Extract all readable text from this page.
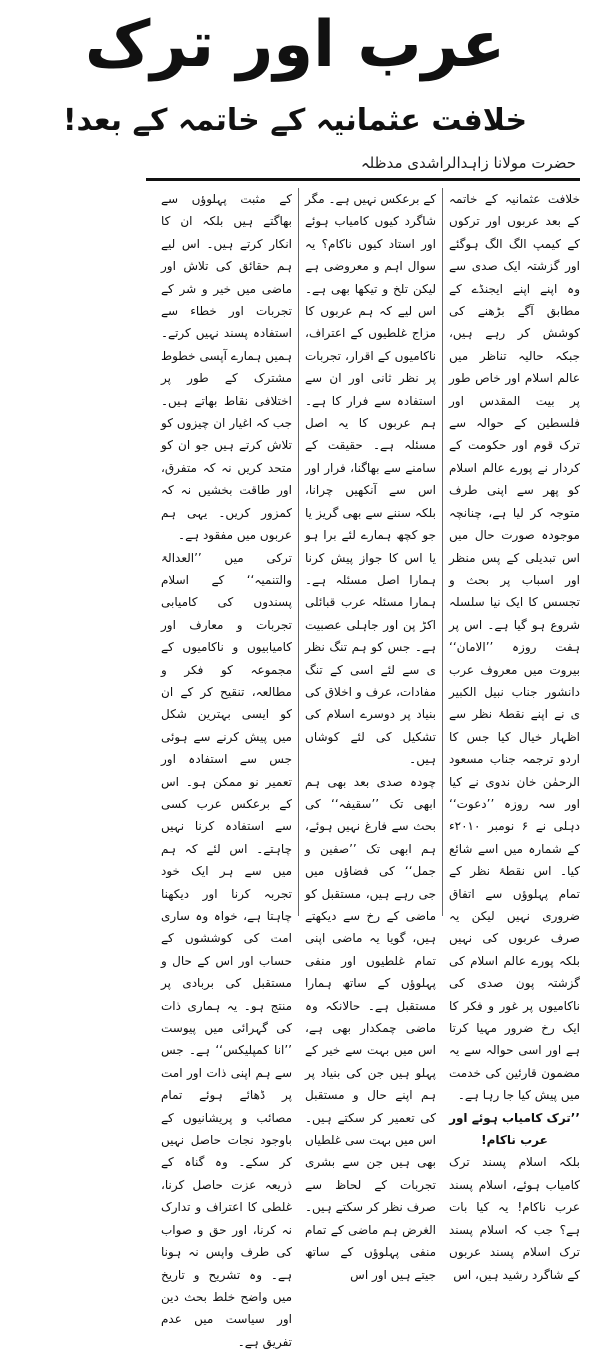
عرب اور ترک
خلافت عثمانیہ کے خاتمہ کے بعد!
حضرت مولانا زاہدالراشدی مدظلہ

خلافت عثمانیہ کے خاتمہ کے بعد عربوں اور ترکوں کے کیمپ الگ الگ ہوگئے اور گزشتہ ایک صدی سے وہ اپنے اپنے ایجنڈے کے مطابق آگے بڑھنے کی کوشش کر رہے ہیں، جبکہ حالیہ تناظر میں عالم اسلام اور خاص طور پر بیت المقدس اور فلسطین کے حوالہ سے ترک قوم اور حکومت کے کردار نے پورے عالم اسلام کو پھر سے اپنی طرف متوجہ کر لیا ہے، چنانچہ موجودہ صورت حال میں اس تبدیلی کے پس منظر اور اسباب پر بحث و تجسس کا ایک نیا سلسلہ شروع ہو گیا ہے۔ اس پر ہفت روزہ ’’الامان‘‘ بیروت میں معروف عرب دانشور جناب نبیل الکبیر ی نے اپنے نقطۂ نظر سے اظہار خیال کیا جس کا اردو ترجمہ جناب مسعود الرحمٰن خان ندوی نے کیا اور سہ روزہ ’’دعوت‘‘ دہلی نے ۶ نومبر ۲۰۱۰ء کے شمارہ میں اسے شائع کیا۔ اس نقطۂ نظر کے تمام پہلوؤں سے اتفاق ضروری نہیں لیکن یہ صرف عربوں کی نہیں بلکہ پورے عالم اسلام کی گزشتہ پون صدی کی ناکامیوں پر غور و فکر کا ایک رخ ضرور مہیا کرتا ہے اور اسی حوالہ سے یہ مضمون قارئین کی خدمت میں پیش کیا جا رہا ہے۔

’’ترک کامیاب ہوئے اور عرب ناکام!

بلکہ اسلام پسند ترک کامیاب ہوئے، اسلام پسند عرب ناکام! یہ کیا بات ہے؟ جب کہ اسلام پسند ترک اسلام پسند عربوں کے شاگرد رشید ہیں، اس

کے برعکس نہیں ہے۔ مگر شاگرد کیوں کامیاب ہوئے اور استاد کیوں ناکام؟ یہ سوال اہم و معروضی ہے لیکن تلخ و تیکھا بھی ہے۔ اس لیے کہ ہم عربوں کا مزاج غلطیوں کے اعتراف، ناکامیوں کے اقرار، تجربات پر نظر ثانی اور ان سے استفادہ سے فرار کا ہے۔ ہم عربوں کا یہ اصل مسئلہ ہے۔ حقیقت کے سامنے سے بھاگنا، فرار اور اس سے آنکھیں چرانا، بلکہ سننے سے بھی گریز یا جو کچھ ہمارے لئے برا ہو یا اس کا جواز پیش کرنا ہمارا اصل مسئلہ ہے۔ ہمارا مسئلہ عرب قبائلی اکڑ پن اور جاہلی عصبیت ہے۔ جس کو ہم تنگ نظر ی سے لئے اسی کے تنگ مفادات، عرف و اخلاق کی بنیاد پر دوسرے اسلام کی تشکیل کی لئے کوشاں ہیں۔

چودہ صدی بعد بھی ہم ابھی تک ’’سقیفہ‘‘ کی بحث سے فارغ نہیں ہوئے، ہم ابھی تک ’’صفین و جمل‘‘ کی فضاؤں میں جی رہے ہیں، مستقبل کو ماضی کے رخ سے دیکھتے ہیں، گویا یہ ماضی اپنی تمام غلطیوں اور منفی پہلوؤں کے ساتھ ہمارا مستقبل ہے۔ حالانکہ وہ ماضی چمکدار بھی ہے، اس میں بہت سے خیر کے پہلو ہیں جن کی بنیاد پر ہم اپنے حال و مستقبل کی تعمیر کر سکتے ہیں۔ اس میں بہت سی غلطیاں بھی ہیں جن سے بشری تجربات کے لحاظ سے صرف نظر کر سکتے ہیں۔ الغرض ہم ماضی کے تمام منفی پہلوؤں کے ساتھ جیتے ہیں اور اس

کے مثبت پہلوؤں سے بھاگتے ہیں بلکہ ان کا انکار کرتے ہیں۔ اس لیے ہم حقائق کی تلاش اور ماضی میں خیر و شر کے تجربات اور خطاء سے استفادہ پسند نہیں کرتے۔ ہمیں ہمارے آپسی خطوط مشترک کے طور پر اختلافی نقاط بھاتے ہیں۔ جب کہ اغیار ان چیزوں کو تلاش کرتے ہیں جو ان کو متحد کریں نہ کہ متفرق، اور طاقت بخشیں نہ کہ کمزور کریں۔ یہی ہم عربوں میں مفقود ہے۔

ترکی میں ’’العدالۃ والتنمیہ‘‘ کے اسلام پسندوں کی کامیابی تجربات و معارف اور کامیابیوں و ناکامیوں کے مجموعہ کو فکر و مطالعہ، تنقیح کر کے ان کو ایسی بہترین شکل میں پیش کرنے سے ہوئی جس سے استفادہ اور تعمیر نو ممکن ہو۔ اس کے برعکس عرب کسی سے استفادہ کرنا نہیں چاہتے۔ اس لئے کہ ہم میں سے ہر ایک خود تجربہ کرنا اور دیکھنا چاہتا ہے، خواہ وہ ساری امت کی کوششوں کے حساب اور اس کے حال و مستقبل کی بربادی پر منتج ہو۔ یہ ہماری ذات کی گہرائی میں پیوست ’’انا کمپلیکس‘‘ ہے۔ جس سے ہم اپنی ذات اور امت پر ڈھائے ہوئے تمام مصائب و پریشانیوں کے باوجود نجات حاصل نہیں کر سکے۔ وہ گناہ کے ذریعہ عزت حاصل کرنا، غلطی کا اعتراف و تدارک نہ کرنا، اور حق و صواب کی طرف واپس نہ ہونا ہے۔ وہ تشریح و تاریخ میں واضح خلط بحث دین اور سیاست میں عدم تفریق ہے۔
